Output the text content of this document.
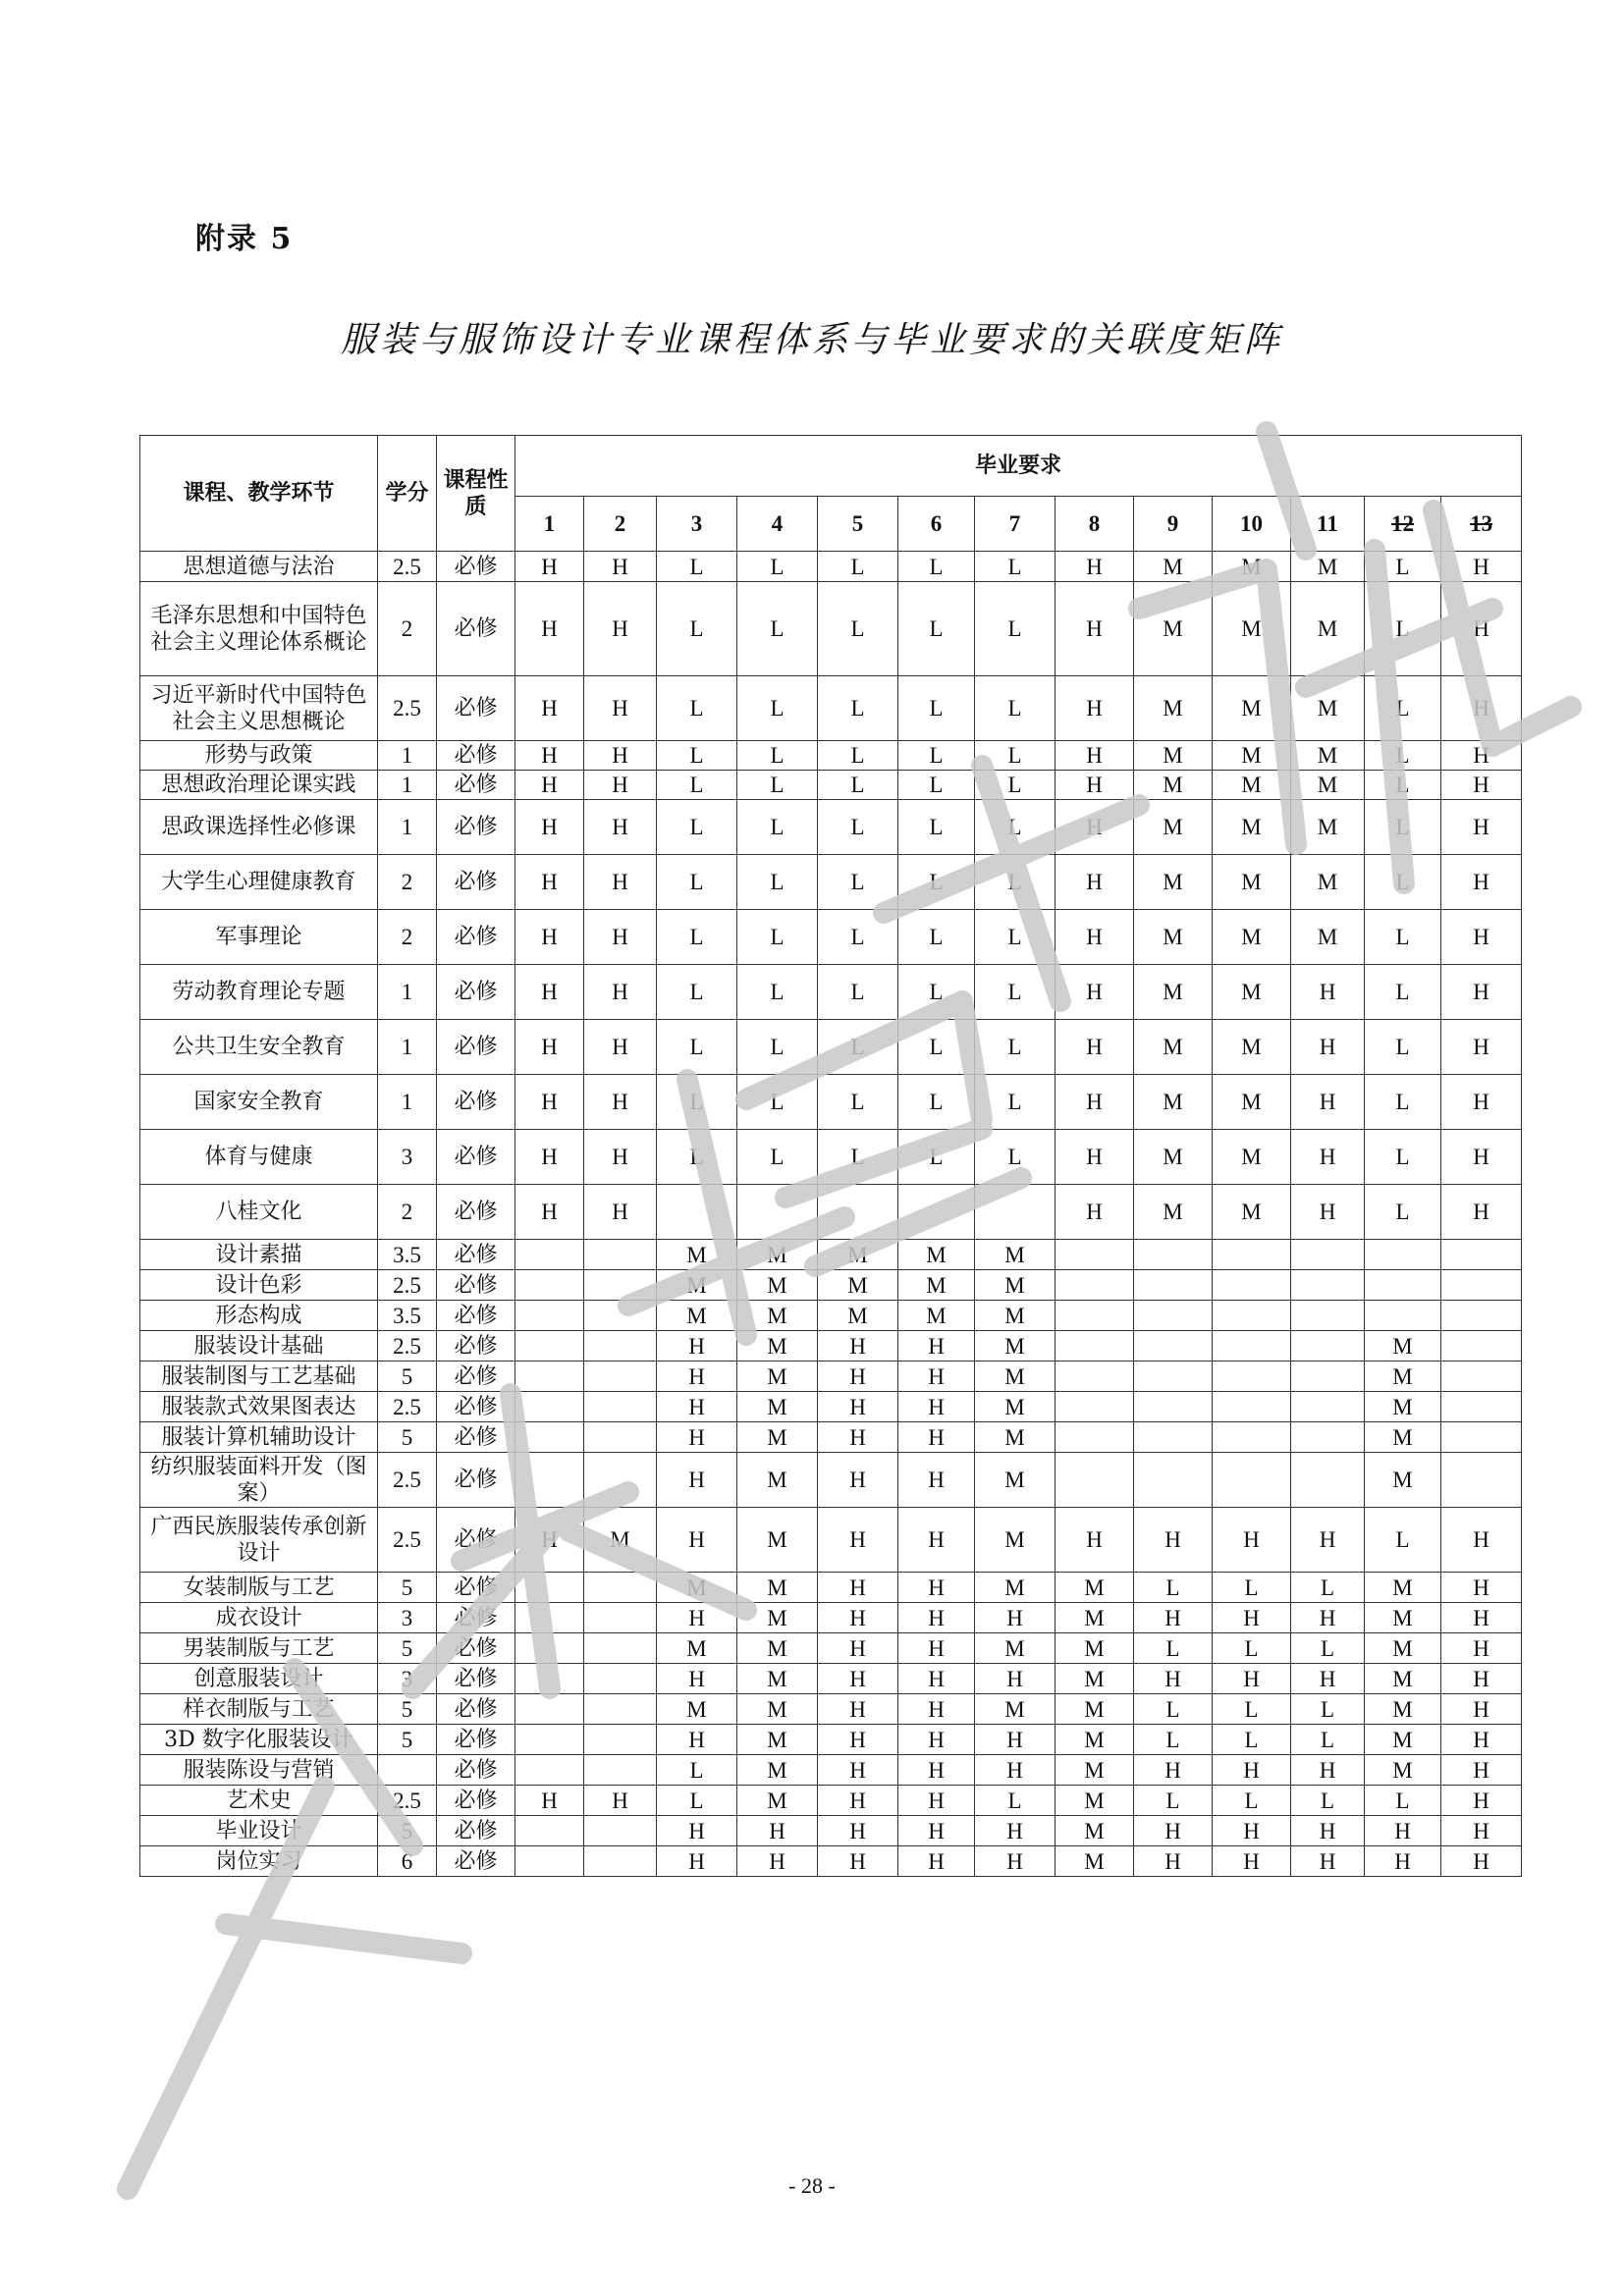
附录 5
服装与服饰设计专业课程体系与毕业要求的关联度矩阵
课程、教学环节	学分	课程性质	毕业要求												
			1	2	3	4	5	6	7	8	9	10	11	12	13
思想道德与法治	2.5	必修	H	H	L	L	L	L	L	H	M	M	M	L	H
毛泽东思想和中国特色社会主义理论体系概论	2	必修	H	H	L	L	L	L	L	H	M	M	M	L	H
习近平新时代中国特色社会主义思想概论	2.5	必修	H	H	L	L	L	L	L	H	M	M	M	L	H
形势与政策	1	必修	H	H	L	L	L	L	L	H	M	M	M	L	H
思想政治理论课实践	1	必修	H	H	L	L	L	L	L	H	M	M	M	L	H
思政课选择性必修课	1	必修	H	H	L	L	L	L	L	H	M	M	M	L	H
大学生心理健康教育	2	必修	H	H	L	L	L	L	L	H	M	M	M	L	H
军事理论	2	必修	H	H	L	L	L	L	L	H	M	M	M	L	H
劳动教育理论专题	1	必修	H	H	L	L	L	L	L	H	M	M	H	L	H
公共卫生安全教育	1	必修	H	H	L	L	L	L	L	H	M	M	H	L	H
国家安全教育	1	必修	H	H	L	L	L	L	L	H	M	M	H	L	H
体育与健康	3	必修	H	H	L	L	L	L	L	H	M	M	H	L	H
八桂文化	2	必修	H	H						H	M	M	H	L	H
设计素描	3.5	必修			M	M	M	M	M						
设计色彩	2.5	必修			M	M	M	M	M						
形态构成	3.5	必修			M	M	M	M	M						
服装设计基础	2.5	必修			H	M	H	H	M					M	
服装制图与工艺基础	5	必修			H	M	H	H	M					M	
服装款式效果图表达	2.5	必修			H	M	H	H	M					M	
服装计算机辅助设计	5	必修			H	M	H	H	M					M	
纺织服装面料开发（图案）	2.5	必修			H	M	H	H	M					M	
广西民族服装传承创新设计	2.5	必修	H	M	H	M	H	H	M	H	H	H	H	L	H
女装制版与工艺	5	必修			M	M	H	H	M	M	L	L	L	M	H
成衣设计	3	必修			H	M	H	H	H	M	H	H	H	M	H
男装制版与工艺	5	必修			M	M	H	H	M	M	L	L	L	M	H
创意服装设计	3	必修			H	M	H	H	H	M	H	H	H	M	H
样衣制版与工艺	5	必修			M	M	H	H	M	M	L	L	L	M	H
3D 数字化服装设计	5	必修			H	M	H	H	H	M	L	L	L	M	H
服装陈设与营销		必修			L	M	H	H	H	M	H	H	H	M	H
艺术史	2.5	必修	H	H	L	M	H	H	L	M	L	L	L	L	H
毕业设计	5	必修			H	H	H	H	H	M	H	H	H	H	H
岗位实习	6	必修			H	H	H	H	H	M	H	H	H	H	H
- 28 -
